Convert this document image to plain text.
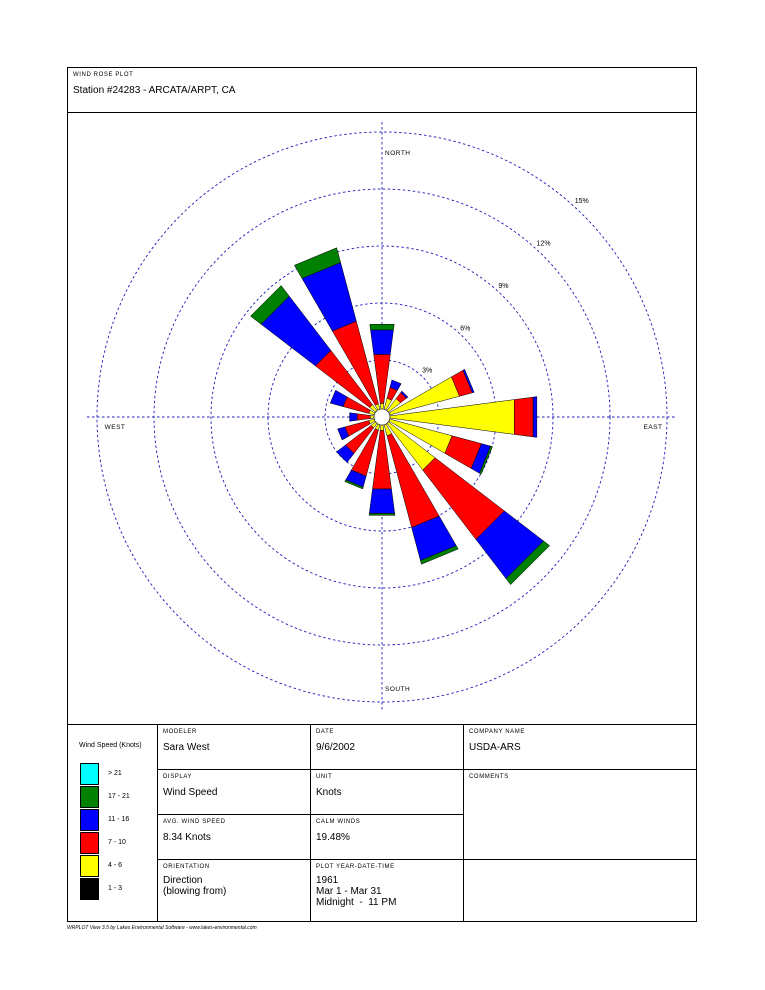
WIND ROSE PLOT
Station #24283 - ARCATA/ARPT, CA
3%
6%
9%
12%
15%
NORTH
SOUTH
EAST
WEST
MODELER
Sara West
DATE
9/6/2002
COMPANY NAME
USDA-ARS
DISPLAY
Wind Speed
UNIT
Knots
COMMENTS
AVG. WIND SPEED
8.34 Knots
CALM WINDS
19.48%
ORIENTATION
Direction
(blowing from)
PLOT YEAR-DATE-TIME
1961
Mar 1 - Mar 31
Midnight  -  11 PM
Wind Speed (Knots)
> 21
17 - 21
11 - 16
7 - 10
4 - 6
1 - 3
WRPLOT View 3.5 by Lakes Environmental Software - www.lakes-environmental.com
